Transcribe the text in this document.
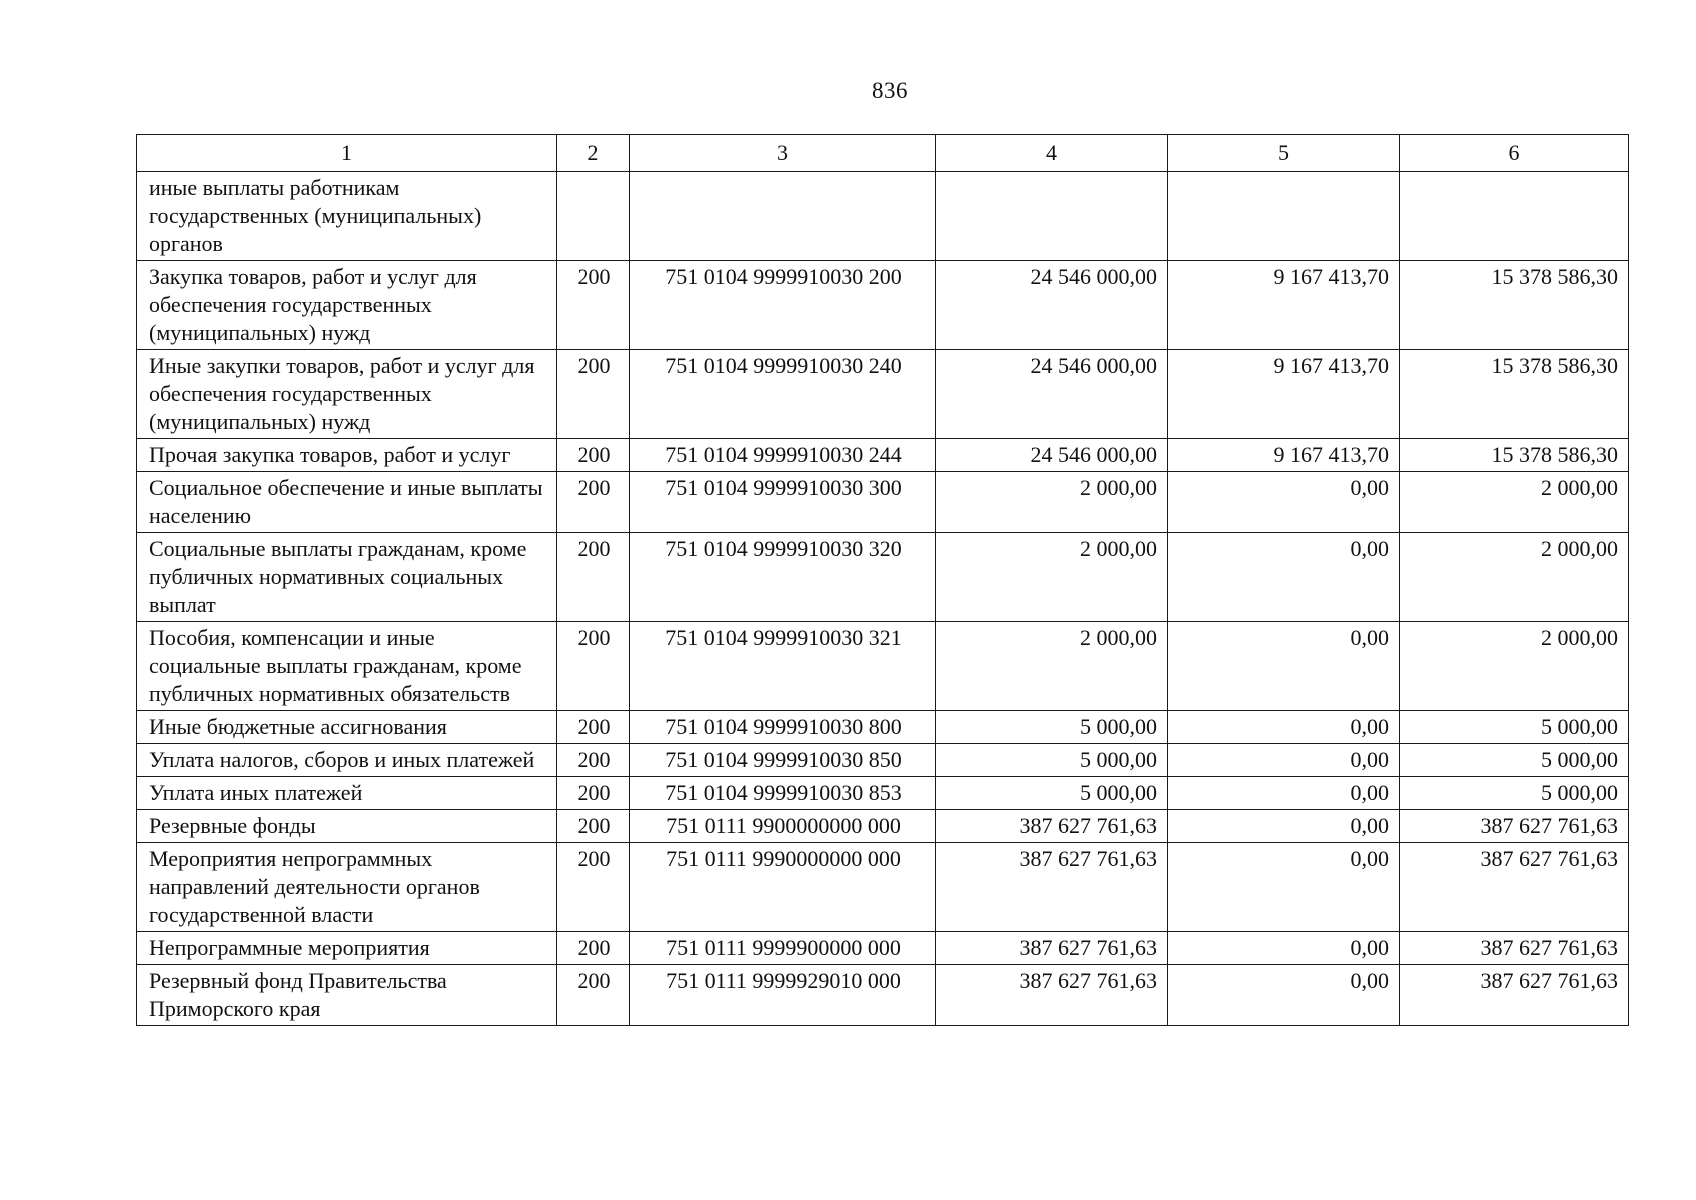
836
1	2	3	4	5	6
иные выплаты работникам государственных (муниципальных) органов					
Закупка товаров, работ и услуг для обеспечения государственных (муниципальных) нужд	200	751 0104 9999910030 200	24 546 000,00	9 167 413,70	15 378 586,30
Иные закупки товаров, работ и услуг для обеспечения государственных (муниципальных) нужд	200	751 0104 9999910030 240	24 546 000,00	9 167 413,70	15 378 586,30
Прочая закупка товаров, работ и услуг	200	751 0104 9999910030 244	24 546 000,00	9 167 413,70	15 378 586,30
Социальное обеспечение и иные выплаты населению	200	751 0104 9999910030 300	2 000,00	0,00	2 000,00
Социальные выплаты гражданам, кроме публичных нормативных социальных выплат	200	751 0104 9999910030 320	2 000,00	0,00	2 000,00
Пособия, компенсации и иные социальные выплаты гражданам, кроме публичных нормативных обязательств	200	751 0104 9999910030 321	2 000,00	0,00	2 000,00
Иные бюджетные ассигнования	200	751 0104 9999910030 800	5 000,00	0,00	5 000,00
Уплата налогов, сборов и иных платежей	200	751 0104 9999910030 850	5 000,00	0,00	5 000,00
Уплата иных платежей	200	751 0104 9999910030 853	5 000,00	0,00	5 000,00
Резервные фонды	200	751 0111 9900000000 000	387 627 761,63	0,00	387 627 761,63
Мероприятия непрограммных направлений деятельности органов государственной власти	200	751 0111 9990000000 000	387 627 761,63	0,00	387 627 761,63
Непрограммные мероприятия	200	751 0111 9999900000 000	387 627 761,63	0,00	387 627 761,63
Резервный фонд Правительства Приморского края	200	751 0111 9999929010 000	387 627 761,63	0,00	387 627 761,63
